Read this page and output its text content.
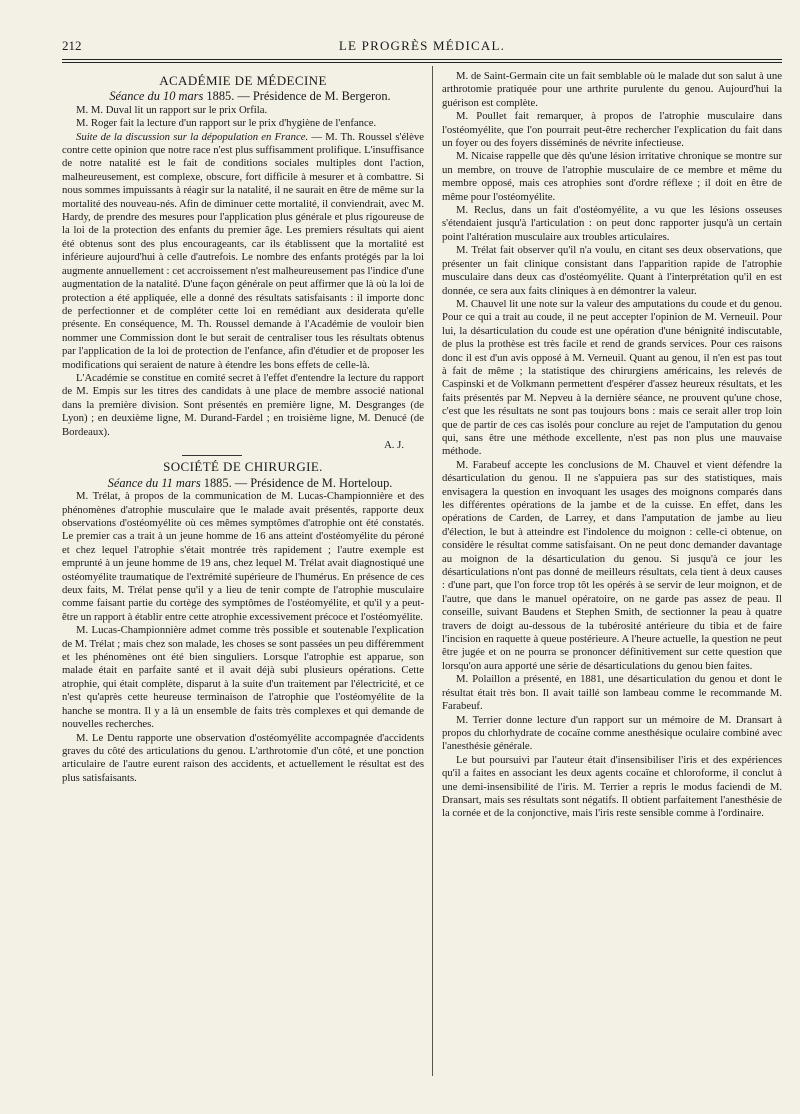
212	LE PROGRÈS MÉDICAL.
ACADÉMIE DE MÉDECINE

Séance du 10 mars 1885. — Présidence de M. Bergeron.

M. M. Duval lit un rapport sur le prix Orfila.

M. Roger fait la lecture d'un rapport sur le prix d'hygiène de l'enfance.

Suite de la discussion sur la dépopulation en France. — M. Th. Roussel s'élève contre cette opinion que notre race n'est plus suffisamment prolifique. L'insuffisance de notre natalité est le fait de conditions sociales multiples dont l'action, malheureusement, est complexe, obscure, fort difficile à mesurer et à combattre. Si nous sommes impuissants à réagir sur la natalité, il ne saurait en être de même sur la mortalité des nouveau-nés. Afin de diminuer cette mortalité, il conviendrait, avec M. Hardy, de prendre des mesures pour l'application plus générale et plus rigoureuse de la loi de la protection des enfants du premier âge. Les premiers résultats qui aient été obtenus sont des plus encourageants, car ils établissent que la mortalité est inférieure aujourd'hui à celle d'autrefois. Le nombre des enfants protégés par la loi augmente annuellement : cet accroissement n'est malheureusement pas l'indice d'une augmentation de la natalité. D'une façon générale on peut affirmer que là où la loi de protection a été appliquée, elle a donné des résultats satisfaisants : il importe donc de perfectionner et de compléter cette loi en remédiant aux desiderata qu'elle présente. En conséquence, M. Th. Roussel demande à l'Académie de vouloir bien nommer une Commission dont le but serait de centraliser tous les résultats obtenus par l'application de la loi de protection de l'enfance, afin d'étudier et de proposer les modifications qui seraient de nature à étendre les bons effets de celle-là.

L'Académie se constitue en comité secret à l'effet d'entendre la lecture du rapport de M. Empis sur les titres des candidats à une place de membre associé national dans la première division. Sont présentés en première ligne, M. Desgranges (de Lyon) ; en deuxième ligne, M. Durand-Fardel ; en troisième ligne, M. Denucé (de Bordeaux).

A. J.

SOCIÉTÉ DE CHIRURGIE.

Séance du 11 mars 1885. — Présidence de M. Horteloup.

M. Trélat, à propos de la communication de M. Lucas-Championnière et des phénomènes d'atrophie musculaire que le malade avait présentés, rapporte deux observations d'ostéomyélite où ces mêmes symptômes d'atrophie ont été constatés. Le premier cas a trait à un jeune homme de 16 ans atteint d'ostéomyélite du péroné et chez lequel l'atrophie s'était montrée très rapidement ; l'autre exemple est emprunté à un jeune homme de 19 ans, chez lequel M. Trélat avait diagnostiqué une ostéomyélite traumatique de l'extrémité supérieure de l'humérus. En présence de ces deux faits, M. Trélat pense qu'il y a lieu de tenir compte de l'atrophie musculaire comme faisant partie du cortège des symptômes de l'ostéomyélite, et qu'il y a peut-être un rapport à établir entre cette atrophie excessivement précoce et l'ostéomyélite.

M. Lucas-Championnière admet comme très possible et soutenable l'explication de M. Trélat ; mais chez son malade, les choses se sont passées un peu différemment et les phénomènes ont été bien singuliers. Lorsque l'atrophie est apparue, son malade était en parfaite santé et il avait déjà subi plusieurs opérations. Cette atrophie, qui était complète, disparut à la suite d'un traitement par l'électricité, et ce n'est qu'après cette heureuse terminaison de l'atrophie que l'ostéomyélite de la hanche se montra. Il y a là un ensemble de faits très complexes et qui demande de nouvelles recherches.

M. Le Dentu rapporte une observation d'ostéomyélite accompagnée d'accidents graves du côté des articulations du genou. L'arthrotomie d'un côté, et une ponction articulaire de l'autre eurent raison des accidents, et actuellement le résultat est des plus satisfaisants.

M. de Saint-Germain cite un fait semblable où le malade dut son salut à une arthrotomie pratiquée pour une arthrite purulente du genou. Aujourd'hui la guérison est complète.

M. Poullet fait remarquer, à propos de l'atrophie musculaire dans l'ostéomyélite, que l'on pourrait peut-être rechercher l'explication du fait dans un foyer ou des foyers disséminés de névrite infectieuse.

M. Nicaise rappelle que dès qu'une lésion irritative chronique se montre sur un membre, on trouve de l'atrophie musculaire de ce membre et même du membre opposé, mais ces atrophies sont d'ordre réflexe ; il doit en être de même pour l'ostéomyélite.

M. Reclus, dans un fait d'ostéomyélite, a vu que les lésions osseuses s'étendaient jusqu'à l'articulation : on peut donc rapporter jusqu'à un certain point l'altération musculaire aux troubles articulaires.

M. Trélat fait observer qu'il n'a voulu, en citant ses deux observations, que présenter un fait clinique consistant dans l'apparition rapide de l'atrophie musculaire dans deux cas d'ostéomyélite. Quant à l'interprétation qu'il en est donnée, ce sera aux faits cliniques à en démontrer la valeur.

M. Chauvel lit une note sur la valeur des amputations du coude et du genou. Pour ce qui a trait au coude, il ne peut accepter l'opinion de M. Verneuil. Pour lui, la désarticulation du coude est une opération d'une bénignité indiscutable, de plus la prothèse est très facile et rend de grands services. Pour ces raisons donc il est d'un avis opposé à M. Verneuil. Quant au genou, il n'en est pas tout à fait de même ; la statistique des chirurgiens américains, les relevés de Caspinski et de Volkmann permettent d'espérer d'assez heureux résultats, et les faits présentés par M. Nepveu à la dernière séance, ne prouvent qu'une chose, c'est que les résultats ne sont pas toujours bons : mais ce serait aller trop loin que de partir de ces cas isolés pour conclure au rejet de l'amputation du genou qui, sans être une méthode excellente, n'est pas non plus une mauvaise méthode.

M. Farabeuf accepte les conclusions de M. Chauvel et vient défendre la désarticulation du genou. Il ne s'appuiera pas sur des statistiques, mais envisagera la question en invoquant les usages des moignons comparés dans les différentes opérations de la jambe et de la cuisse. En effet, dans les opérations de Carden, de Larrey, et dans l'amputation de jambe au lieu d'élection, le but à atteindre est l'indolence du moignon : celle-ci obtenue, on considère le résultat comme satisfaisant. On ne peut donc demander davantage au moignon de la désarticulation du genou. Si jusqu'à ce jour les désarticulations n'ont pas donné de meilleurs résultats, cela tient à deux causes : d'une part, que l'on force trop tôt les opérés à se servir de leur moignon, et de l'autre, que dans le manuel opératoire, on ne garde pas assez de peau. Il conseille, suivant Baudens et Stephen Smith, de sectionner la peau à quatre travers de doigt au-dessous de la tubérosité antérieure du tibia et de faire l'incision en raquette à queue postérieure. A l'heure actuelle, la question ne peut être jugée et on ne pourra se prononcer définitivement sur cette question que lorsqu'on aura apporté une série de désarticulations du genou bien faites.

M. Polaillon a présenté, en 1881, une désarticulation du genou et dont le résultat était très bon. Il avait taillé son lambeau comme le recommande M. Farabeuf.

M. Terrier donne lecture d'un rapport sur un mémoire de M. Dransart à propos du chlorhydrate de cocaïne comme anesthésique oculaire combiné avec l'anesthésie générale.

Le but poursuivi par l'auteur était d'insensibiliser l'iris et des expériences qu'il a faites en associant les deux agents cocaïne et chloroforme, il conclut à une demi-insensibilité de l'iris. M. Terrier a repris le modus faciendi de M. Dransart, mais ses résultats sont négatifs. Il obtient parfaitement l'anesthésie de la cornée et de la conjonctive, mais l'iris reste sensible comme à l'ordinaire.
